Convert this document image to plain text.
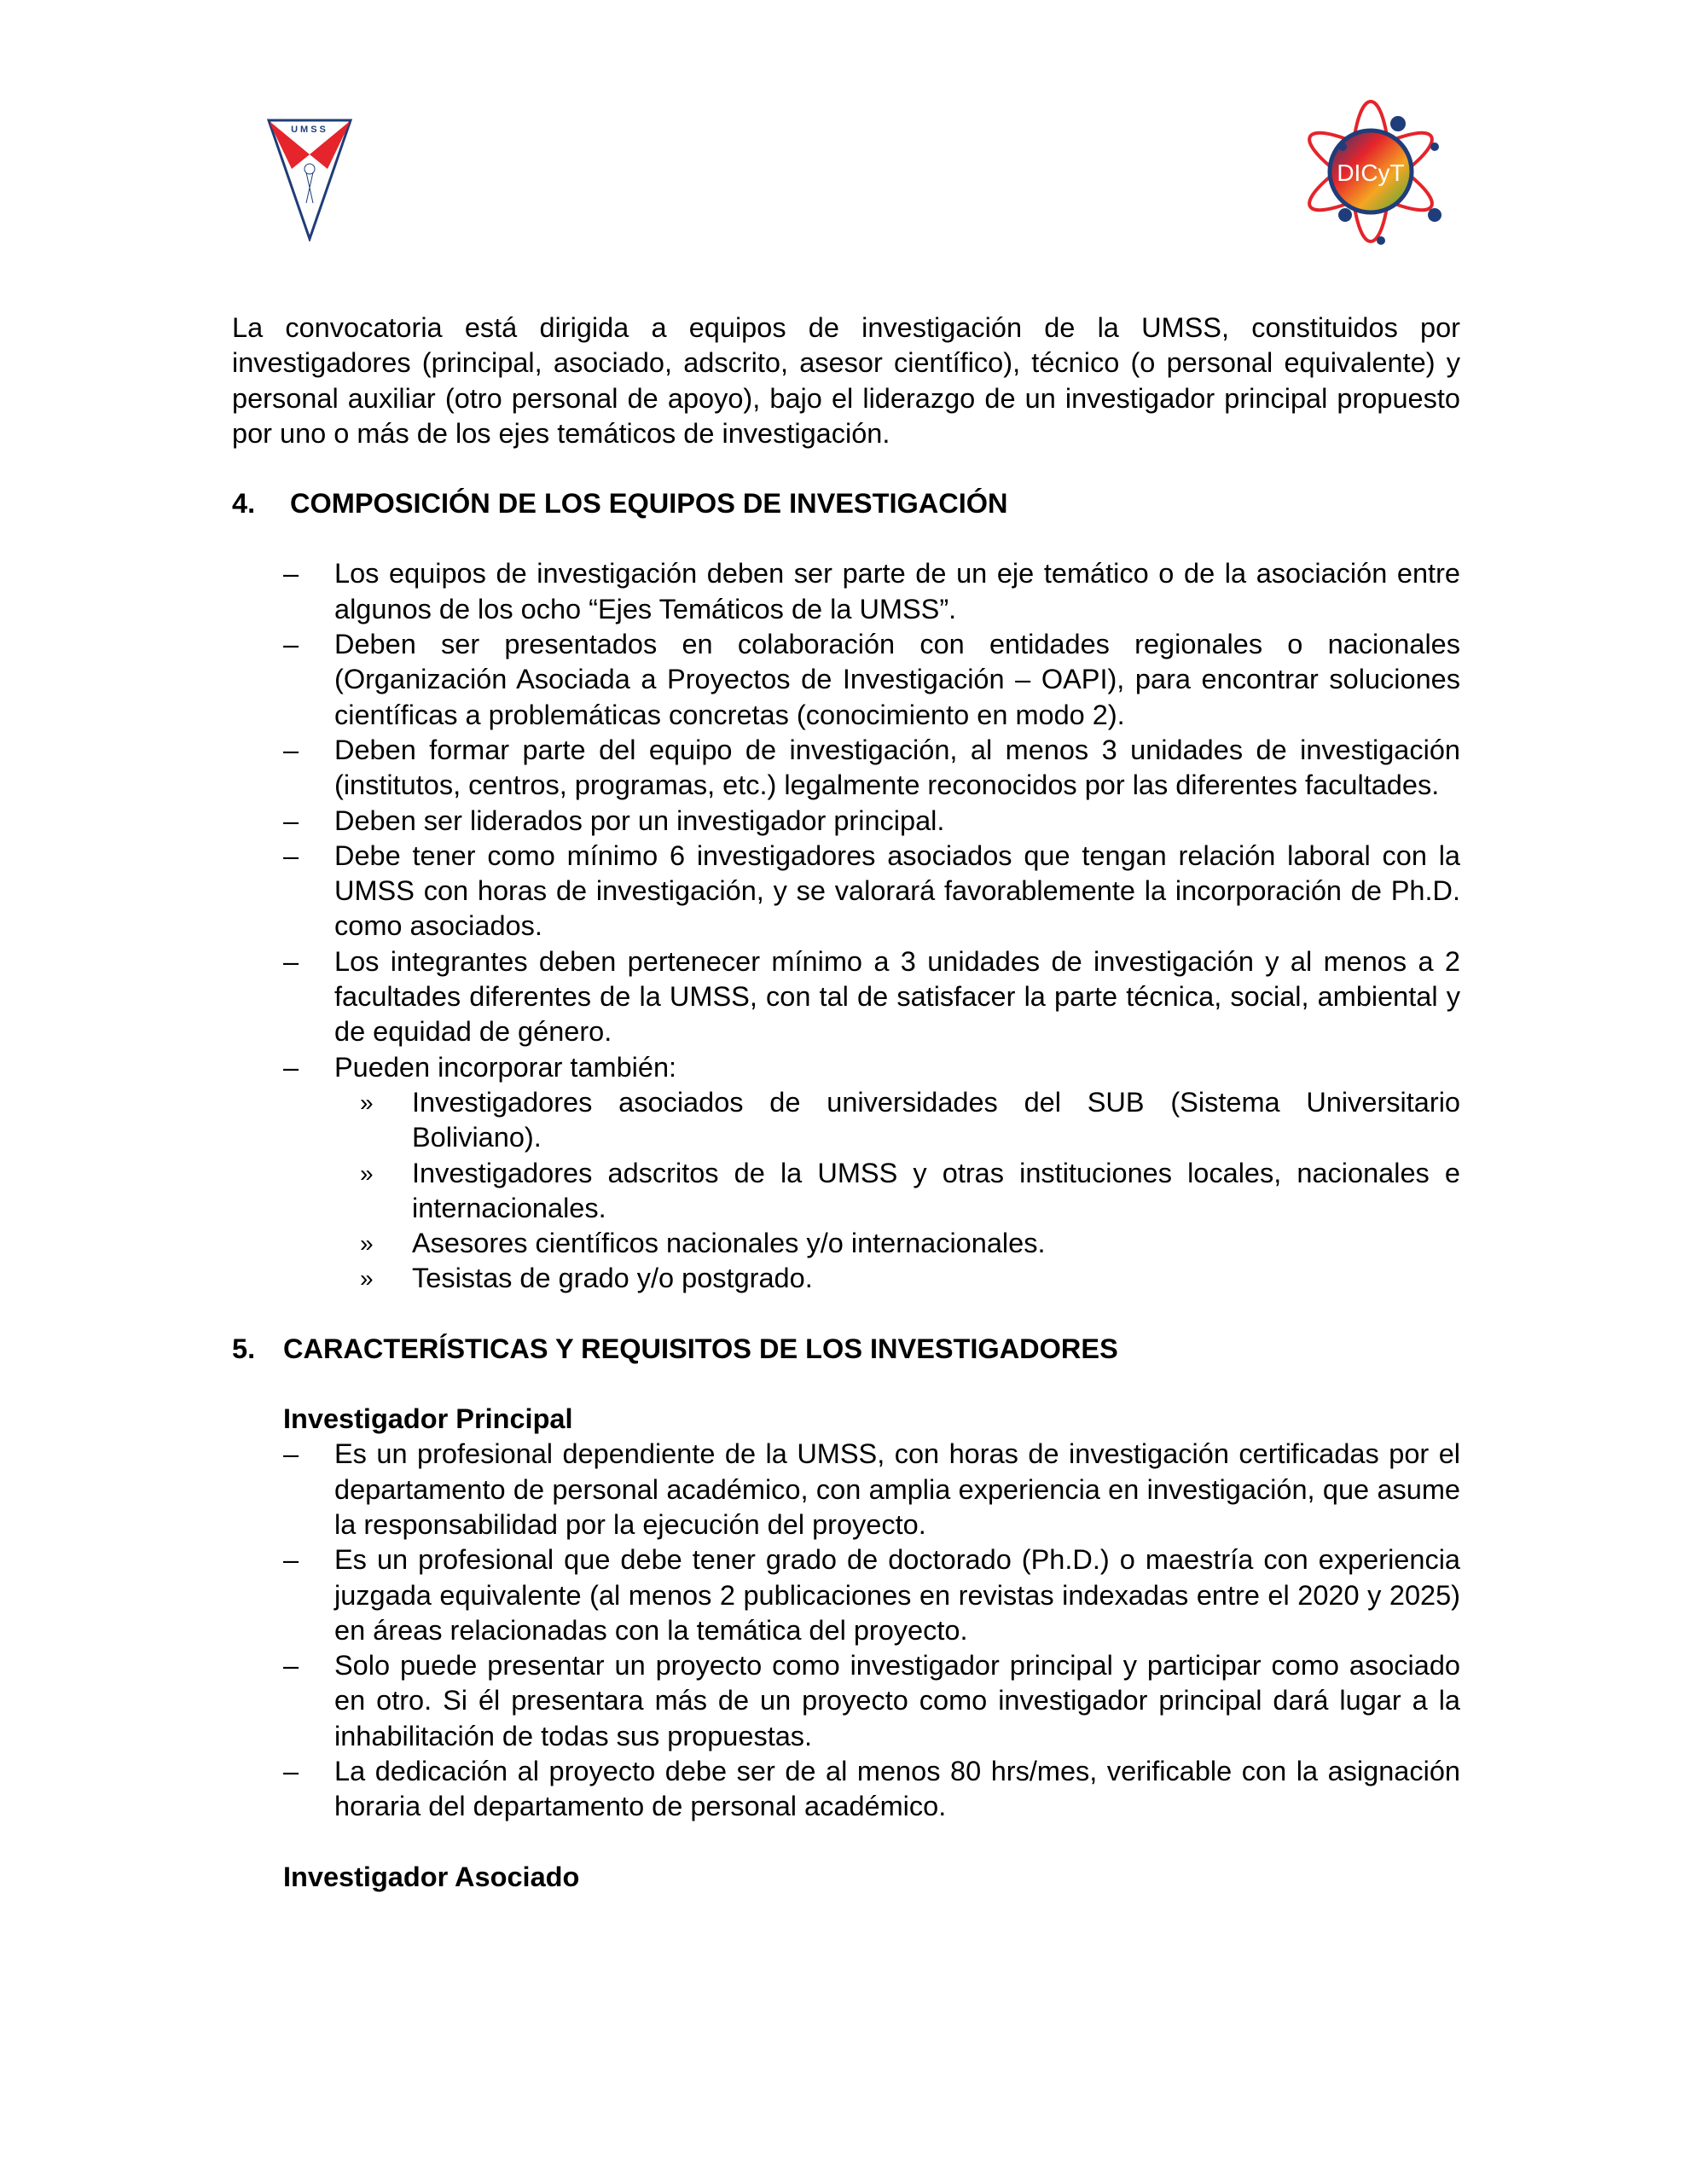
UMSS
DICyT

La convocatoria está dirigida a equipos de investigación de la UMSS, constituidos por investigadores (principal, asociado, adscrito, asesor científico), técnico (o personal equivalente) y personal auxiliar (otro personal de apoyo), bajo el liderazgo de un investigador principal propuesto por uno o más de los ejes temáticos de investigación.

4.	COMPOSICIÓN DE LOS EQUIPOS DE INVESTIGACIÓN
– Los equipos de investigación deben ser parte de un eje temático o de la asociación entre algunos de los ocho “Ejes Temáticos de la UMSS”.
– Deben ser presentados en colaboración con entidades regionales o nacionales (Organización Asociada a Proyectos de Investigación – OAPI), para encontrar soluciones científicas a problemáticas concretas (conocimiento en modo 2).
– Deben formar parte del equipo de investigación, al menos 3 unidades de investigación (institutos, centros, programas, etc.) legalmente reconocidos por las diferentes facultades.
– Deben ser liderados por un investigador principal.
– Debe tener como mínimo 6 investigadores asociados que tengan relación laboral con la UMSS con horas de investigación, y se valorará favorablemente la incorporación de Ph.D. como asociados.
– Los integrantes deben pertenecer mínimo a 3 unidades de investigación y al menos a 2 facultades diferentes de la UMSS, con tal de satisfacer la parte técnica, social, ambiental y de equidad de género.
– Pueden incorporar también:
» Investigadores asociados de universidades del SUB (Sistema Universitario Boliviano).
» Investigadores adscritos de la UMSS y otras instituciones locales, nacionales e internacionales.
» Asesores científicos nacionales y/o internacionales.
» Tesistas de grado y/o postgrado.
5.	CARACTERÍSTICAS Y REQUISITOS DE LOS INVESTIGADORES
Investigador Principal
– Es un profesional dependiente de la UMSS, con horas de investigación certificadas por el departamento de personal académico, con amplia experiencia en investigación, que asume la responsabilidad por la ejecución del proyecto.
– Es un profesional que debe tener grado de doctorado (Ph.D.) o maestría con experiencia juzgada equivalente (al menos 2 publicaciones en revistas indexadas entre el 2020 y 2025) en áreas relacionadas con la temática del proyecto.
– Solo puede presentar un proyecto como investigador principal y participar como asociado en otro. Si él presentara más de un proyecto como investigador principal dará lugar a la inhabilitación de todas sus propuestas.
– La dedicación al proyecto debe ser de al menos 80 hrs/mes, verificable con la asignación horaria del departamento de personal académico.
Investigador Asociado
